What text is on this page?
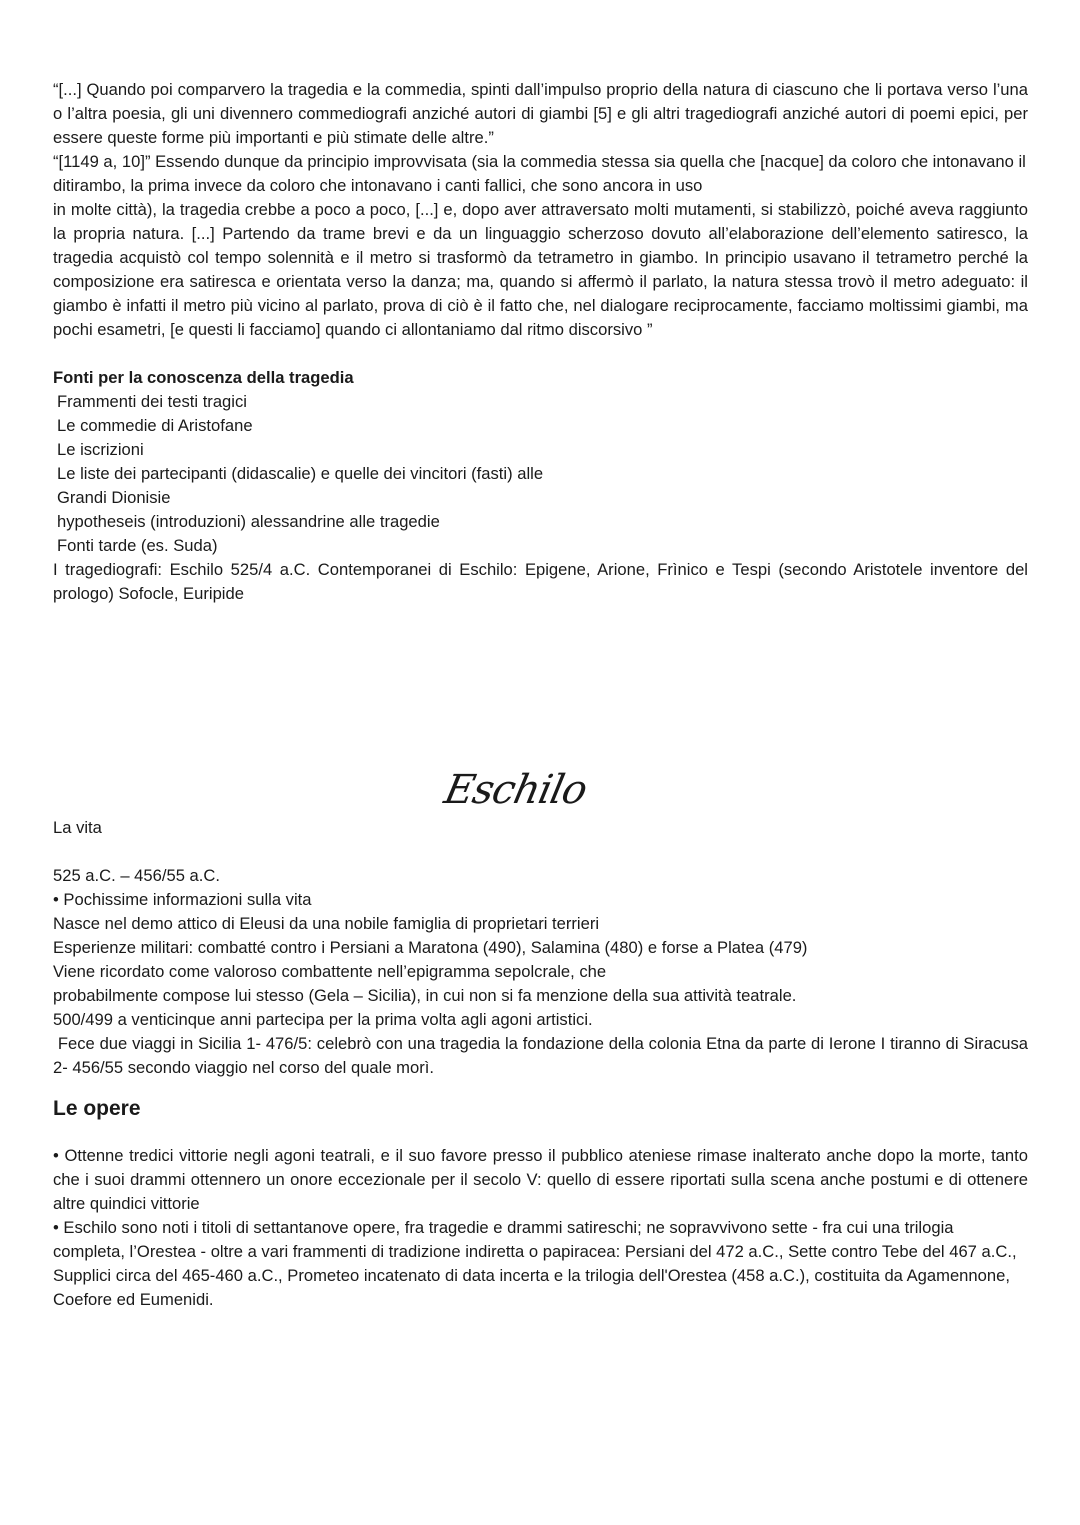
“[...] Quando poi comparvero la tragedia e la commedia, spinti dall’impulso proprio della natura di ciascuno che li portava verso l’una o l’altra poesia, gli uni divennero commediografi anziché autori di giambi [5] e gli altri tragediografi anziché autori di poemi epici, per essere queste forme più importanti e più stimate delle altre.”

“[1149 a, 10]” Essendo dunque da principio improvvisata (sia la commedia stessa sia quella che [nacque] da coloro che intonavano il ditirambo, la prima invece da coloro che intonavano i canti fallici, che sono ancora in uso

in molte città), la tragedia crebbe a poco a poco, [...] e, dopo aver attraversato molti mutamenti, si stabilizzò, poiché aveva raggiunto la propria natura. [...] Partendo da trame brevi e da un linguaggio scherzoso dovuto all’elaborazione dell’elemento satiresco, la tragedia acquistò col tempo solennità e il metro si trasformò da tetrametro in giambo. In principio usavano il tetrametro perché la composizione era satiresca e orientata verso la danza; ma, quando si affermò il parlato, la natura stessa trovò il metro adeguato: il giambo è infatti il metro più vicino al parlato, prova di ciò è il fatto che, nel dialogare reciprocamente, facciamo moltissimi giambi, ma pochi esametri, [e questi li facciamo] quando ci allontaniamo dal ritmo discorsivo ”

Fonti per la conoscenza della tragedia

Frammenti dei testi tragici

Le commedie di Aristofane

Le iscrizioni

Le liste dei partecipanti (didascalie) e quelle dei vincitori (fasti) alle

Grandi Dionisie

hypotheseis (introduzioni) alessandrine alle tragedie

Fonti tarde (es. Suda)

I tragediografi: Eschilo 525/4 a.C. Contemporanei di Eschilo: Epigene, Arione, Frìnico e Tespi (secondo Aristotele inventore del prologo) Sofocle, Euripide

Eschilo

La vita

525 a.C. – 456/55 a.C.

• Pochissime informazioni sulla vita

Nasce nel demo attico di Eleusi da una nobile famiglia di proprietari terrieri

Esperienze militari: combatté contro i Persiani a Maratona (490), Salamina (480) e forse a Platea (479)

Viene ricordato come valoroso combattente nell’epigramma sepolcrale, che

probabilmente compose lui stesso (Gela – Sicilia), in cui non si fa menzione della sua attività teatrale.

500/499 a venticinque anni partecipa per la prima volta agli agoni artistici.

Fece due viaggi in Sicilia 1- 476/5: celebrò con una tragedia la fondazione della colonia Etna da parte di Ierone I tiranno di Siracusa 2- 456/55 secondo viaggio nel corso del quale morì.

Le opere

• Ottenne tredici vittorie negli agoni teatrali, e il suo favore presso il pubblico ateniese rimase inalterato anche dopo la morte, tanto che i suoi drammi ottennero un onore eccezionale per il secolo V: quello di essere riportati sulla scena anche postumi e di ottenere altre quindici vittorie

• Eschilo sono noti i titoli di settantanove opere, fra tragedie e drammi satireschi; ne sopravvivono sette - fra cui una trilogia completa, l’Orestea - oltre a vari frammenti di tradizione indiretta o papiracea: Persiani del 472 a.C., Sette contro Tebe del 467 a.C., Supplici circa del 465-460 a.C., Prometeo incatenato di data incerta e la trilogia dell'Orestea (458 a.C.), costituita da Agamennone, Coefore ed Eumenidi.
